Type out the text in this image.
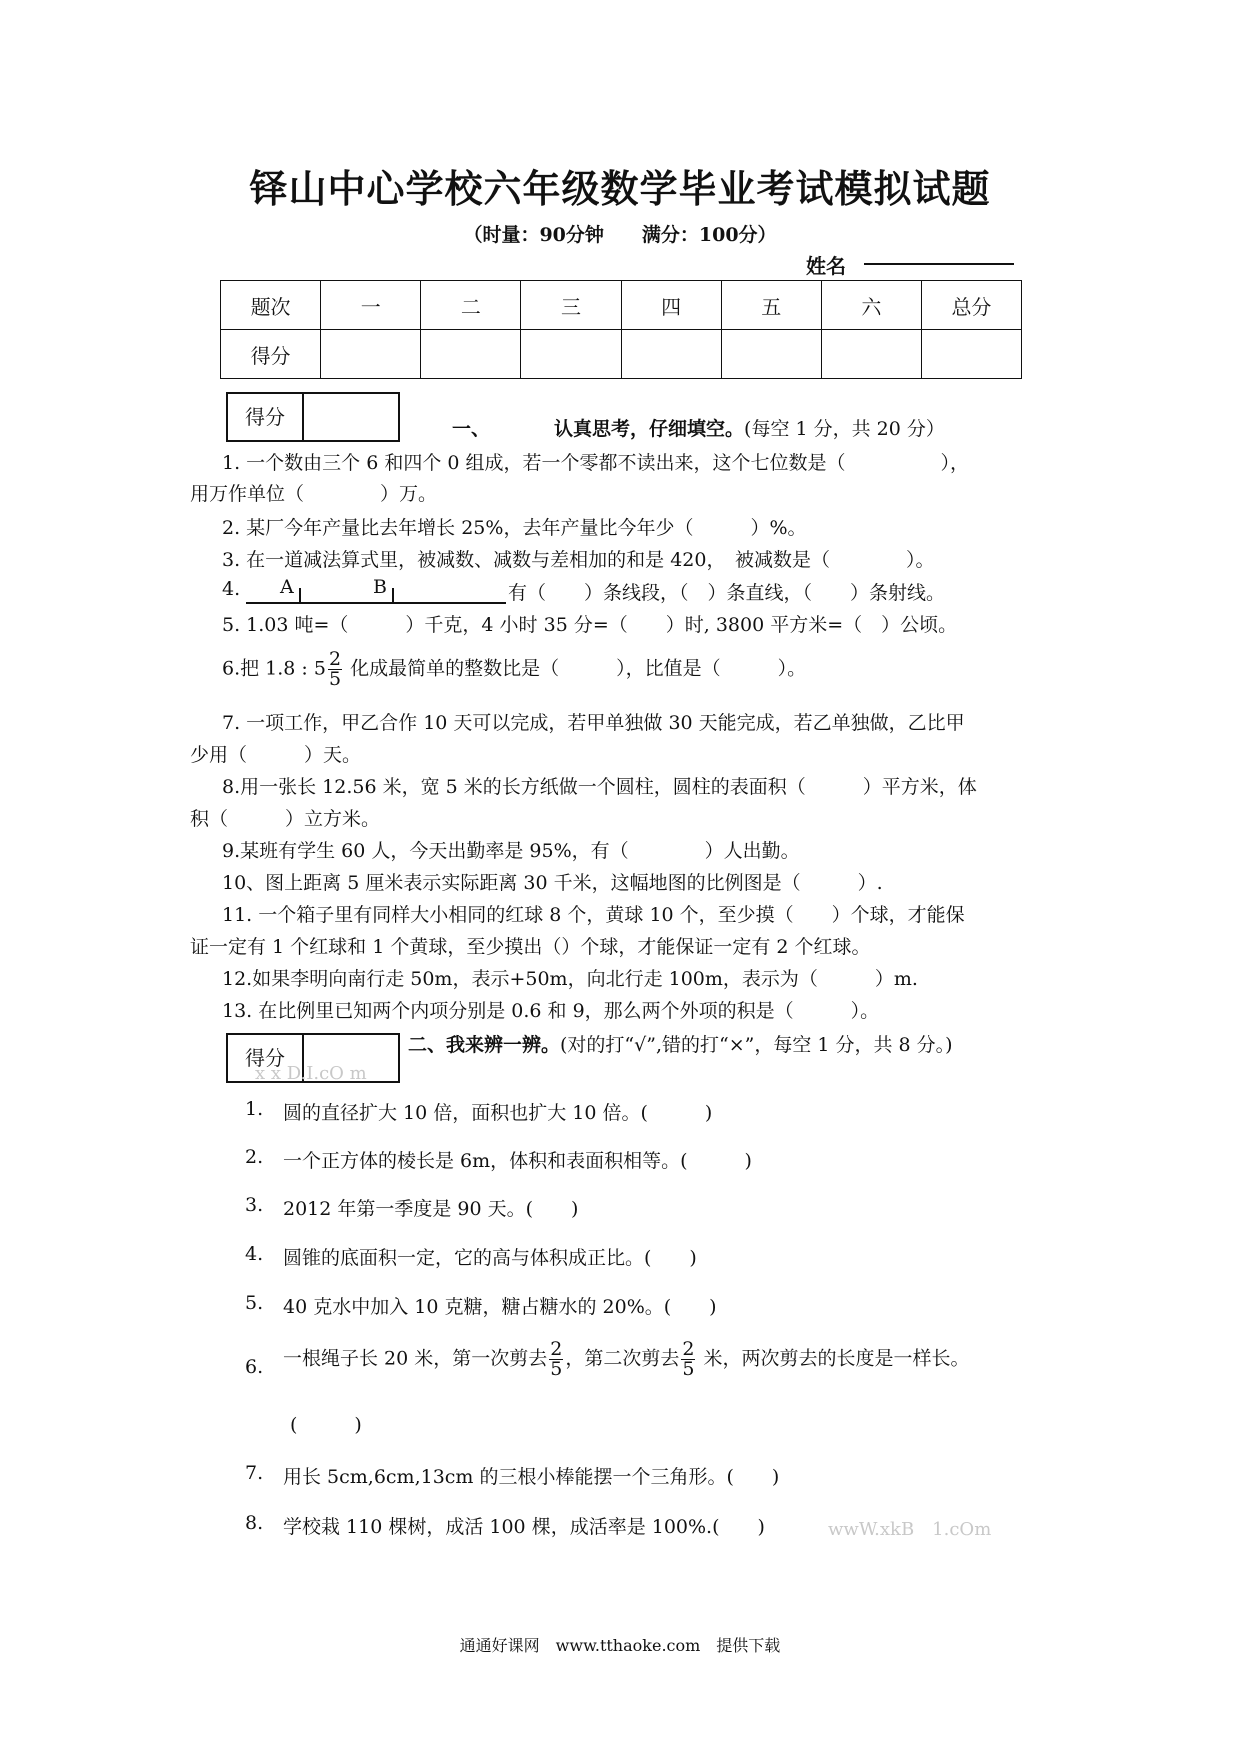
铎山中心学校六年级数学毕业考试模拟试题
（时量：90分钟　　满分：100分）
姓名
题次	一	二	三	四	五	六	总分
得分							
得分	一、	认真思考，仔细填空。(每空 1 分，共 20 分）
1. 一个数由三个 6 和四个 0 组成，若一个零都不读出来，这个七位数是（　　　　　），
用万作单位（　　　　）万。
2. 某厂今年产量比去年增长 25%，去年产量比今年少（　　　）%。
3. 在一道减法算式里，被减数、减数与差相加的和是 420，　被减数是（　　　　）。
4. A	B	有（　　）条线段，（　）条直线，（　　）条射线。
5. 1.03 吨=（　　　）千克，4 小时 35 分=（　　）时, 3800 平方米=（　）公顷。
6.把 1.8 : $5 \frac{2}{5}$ 化成最简单的整数比是（　　　），比值是（　　　）。
7. 一项工作，甲乙合作 10 天可以完成，若甲单独做 30 天能完成，若乙单独做，乙比甲
少用（　　　）天。
8.用一张长 12.56 米，宽 5 米的长方纸做一个圆柱，圆柱的表面积（　　　）平方米，体
积（　　　）立方米。
9.某班有学生 60 人，今天出勤率是 95%，有（　　　　）人出勤。
10、图上距离 5 厘米表示实际距离 30 千米，这幅地图的比例图是（　　　）.
11. 一个箱子里有同样大小相同的红球 8 个，黄球 10 个，至少摸（　　）个球，才能保
证一定有 1 个红球和 1 个黄球，至少摸出（）个球，才能保证一定有 2 个红球。
12.如果李明向南行走 50m，表示+50m，向北行走 100m，表示为（　　　）m.
13. 在比例里已知两个内项分别是 0.6 和 9，那么两个外项的积是（　　　）。
得分
二、我来辨一辨。(对的打“√”,错的打“×”，每空 1 分，共 8 分。)
x x D.I.cO m
1. 圆的直径扩大 10 倍，面积也扩大 10 倍。(　　　)
2. 一个正方体的棱长是 6m，体积和表面积相等。(　　　)
3. 2012 年第一季度是 90 天。(　　)
4. 圆锥的底面积一定，它的高与体积成正比。(　　)
5. 40 克水中加入 10 克糖，糖占糖水的 20%。(　　)
6. 一根绳子长 20 米，第一次剪去 $\frac{2}{5}$ ，第二次剪去 $\frac{2}{5}$ 米，两次剪去的长度是一样长。
(　　　)
7. 用长 5cm,6cm,13cm 的三根小棒能摆一个三角形。(　　)
8. 学校栽 110 棵树，成活 100 棵，成活率是 100%.(　　)	wwW.xkB　1.cOm
通通好课网　www.tthaoke.com　提供下载
